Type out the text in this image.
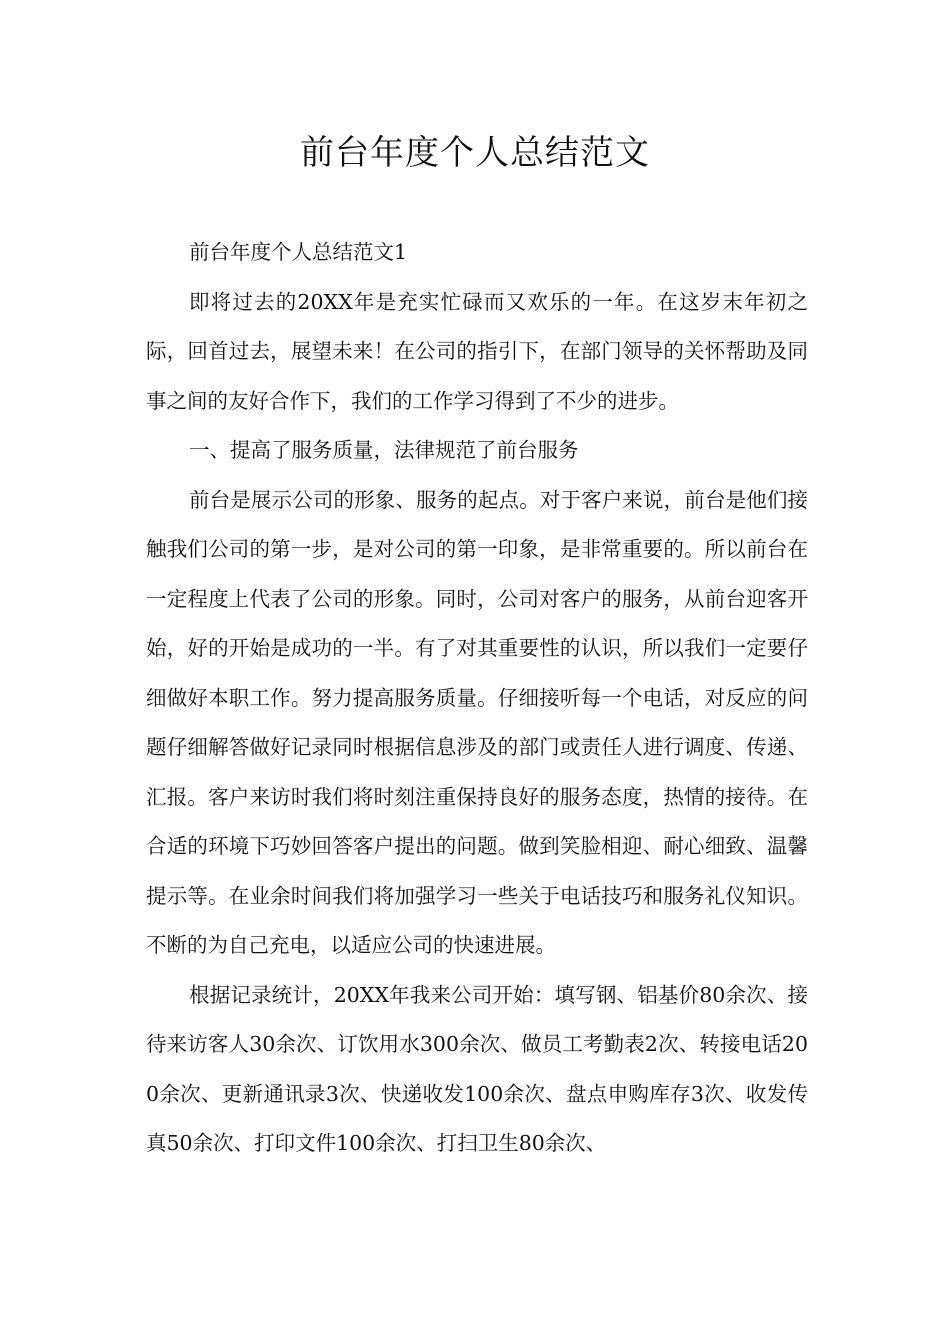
前台年度个人总结范文

前台年度个人总结范文1

即将过去的20XX年是充实忙碌而又欢乐的一年。在这岁末年初之际，回首过去，展望未来！在公司的指引下，在部门领导的关怀帮助及同事之间的友好合作下，我们的工作学习得到了不少的进步。

一、提高了服务质量，法律规范了前台服务

前台是展示公司的形象、服务的起点。对于客户来说，前台是他们接触我们公司的第一步，是对公司的第一印象，是非常重要的。所以前台在一定程度上代表了公司的形象。同时，公司对客户的服务，从前台迎客开始，好的开始是成功的一半。有了对其重要性的认识，所以我们一定要仔细做好本职工作。努力提高服务质量。仔细接听每一个电话，对反应的问题仔细解答做好记录同时根据信息涉及的部门或责任人进行调度、传递、汇报。客户来访时我们将时刻注重保持良好的服务态度，热情的接待。在合适的环境下巧妙回答客户提出的问题。做到笑脸相迎、耐心细致、温馨提示等。在业余时间我们将加强学习一些关于电话技巧和服务礼仪知识。不断的为自己充电，以适应公司的快速进展。

根据记录统计，20XX年我来公司开始：填写钢、铝基价80余次、接待来访客人30余次、订饮用水300余次、做员工考勤表2次、转接电话200余次、更新通讯录3次、快递收发100余次、盘点申购库存3次、收发传真50余次、打印文件100余次、打扫卫生80余次、
